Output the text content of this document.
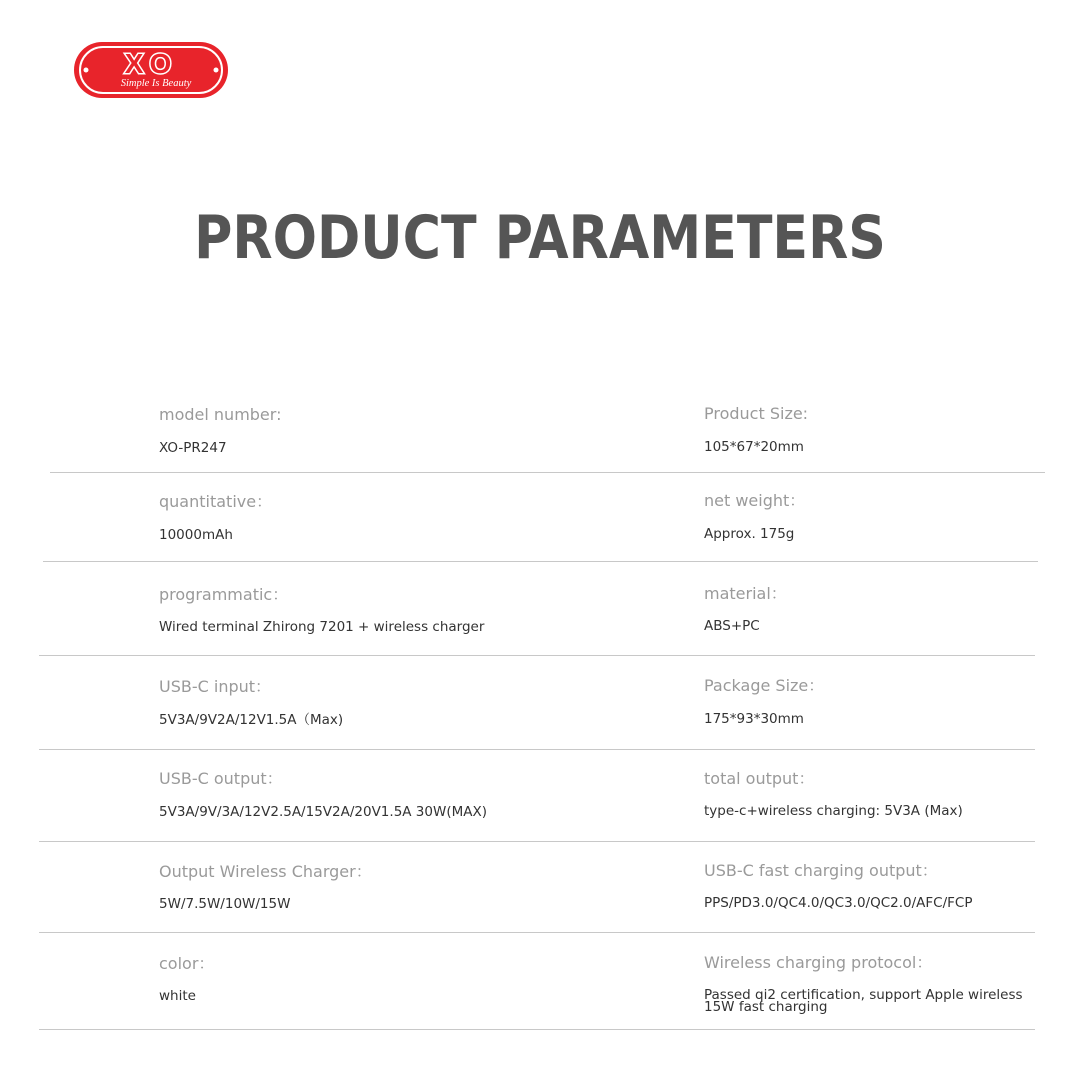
XO
Simple Is Beauty
PRODUCT PARAMETERS

model number:

XO-PR247

Product Size:

105*67*20mm

quantitative：

10000mAh

net weight：

Approx. 175g

programmatic：

Wired terminal Zhirong 7201 + wireless charger

material：

ABS+PC

USB-C input：

5V3A/9V2A/12V1.5A（Max)

Package Size：

175*93*30mm

USB-C output：

5V3A/9V/3A/12V2.5A/15V2A/20V1.5A 30W(MAX)

total output：

type-c+wireless charging: 5V3A (Max)

Output Wireless Charger：

5W/7.5W/10W/15W

USB-C fast charging output：

PPS/PD3.0/QC4.0/QC3.0/QC2.0/AFC/FCP

color：

white

Wireless charging protocol：

Passed qi2 certification, support Apple wireless 15W fast charging
